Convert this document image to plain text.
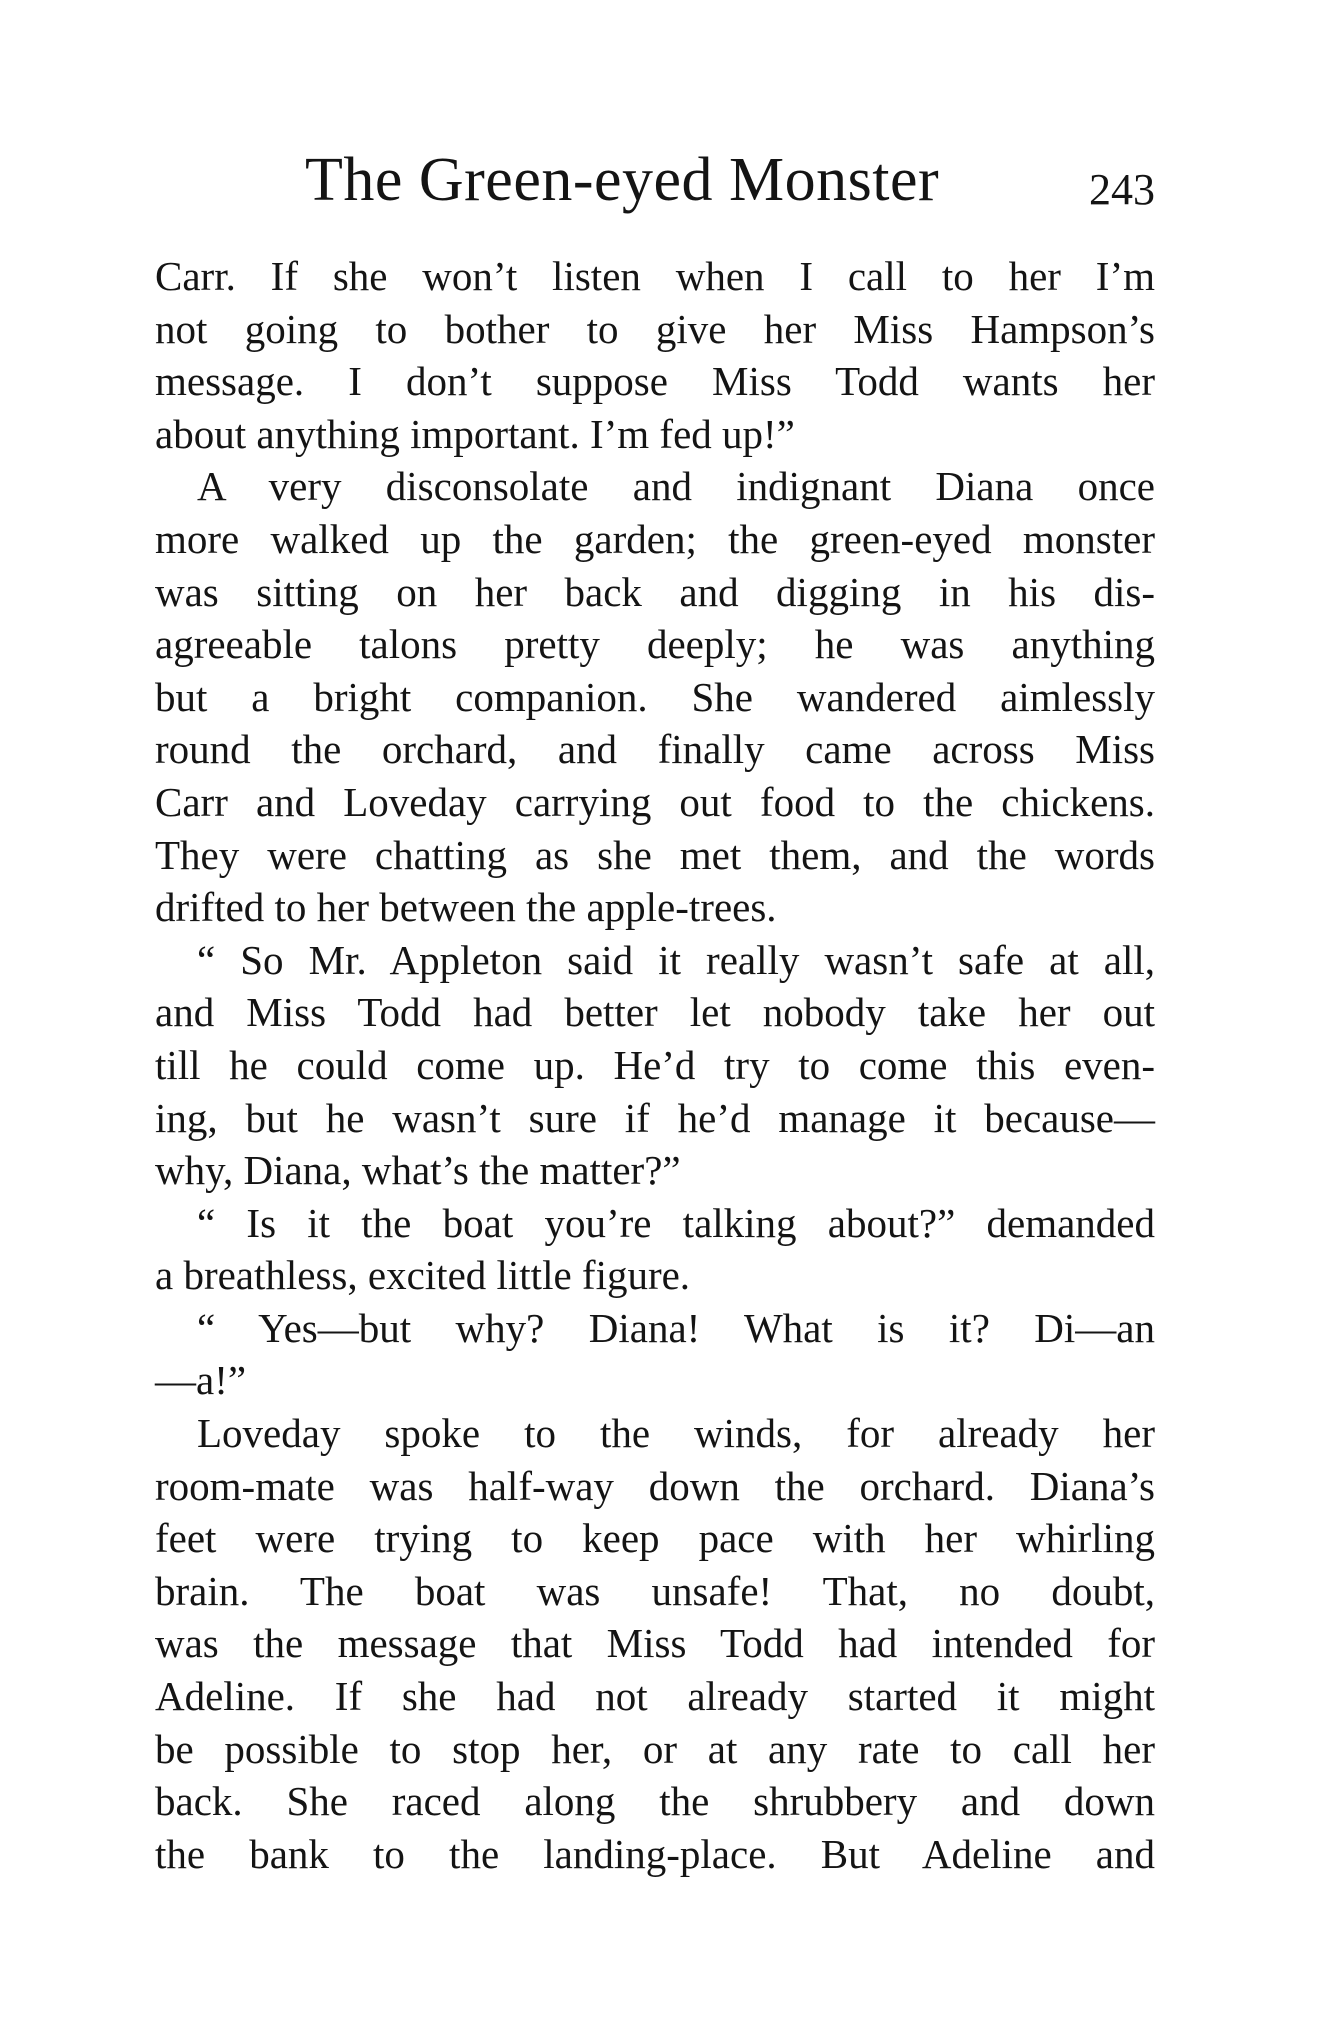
The Green-eyed Monster	243
Carr. If she won’t listen when I call to her I’m
not going to bother to give her Miss Hampson’s
message. I don’t suppose Miss Todd wants her
about anything important. I’m fed up!”
A very disconsolate and indignant Diana once
more walked up the garden; the green-eyed monster
was sitting on her back and digging in his dis-
agreeable talons pretty deeply; he was anything
but a bright companion. She wandered aimlessly
round the orchard, and finally came across Miss
Carr and Loveday carrying out food to the chickens.
They were chatting as she met them, and the words
drifted to her between the apple-trees.
“ So Mr. Appleton said it really wasn’t safe at all,
and Miss Todd had better let nobody take her out
till he could come up. He’d try to come this even-
ing, but he wasn’t sure if he’d manage it because—
why, Diana, what’s the matter?”
“ Is it the boat you’re talking about?” demanded
a breathless, excited little figure.
“ Yes—but why? Diana! What is it? Di—an
—a!”
Loveday spoke to the winds, for already her
room-mate was half-way down the orchard. Diana’s
feet were trying to keep pace with her whirling
brain. The boat was unsafe! That, no doubt,
was the message that Miss Todd had intended for
Adeline. If she had not already started it might
be possible to stop her, or at any rate to call her
back. She raced along the shrubbery and down
the bank to the landing-place. But Adeline and
